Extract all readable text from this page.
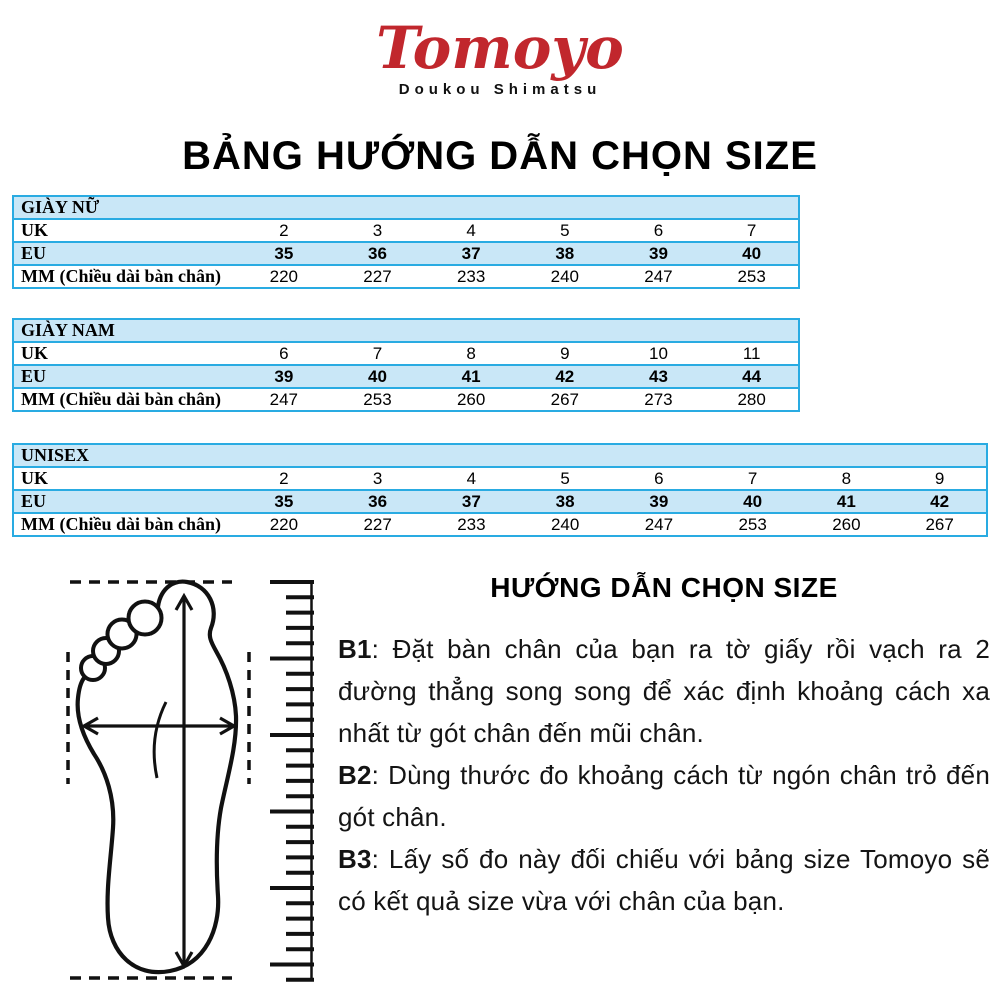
Tomoyo
Doukou Shimatsu
BẢNG HƯỚNG DẪN CHỌN SIZE
GIÀY NỮ						
UK	2	3	4	5	6	7
EU	35	36	37	38	39	40
MM (Chiều dài bàn chân)	220	227	233	240	247	253
GIÀY NAM						
UK	6	7	8	9	10	11
EU	39	40	41	42	43	44
MM (Chiều dài bàn chân)	247	253	260	267	273	280
UNISEX								
UK	2	3	4	5	6	7	8	9
EU	35	36	37	38	39	40	41	42
MM (Chiều dài bàn chân)	220	227	233	240	247	253	260	267
HƯỚNG DẪN CHỌN SIZE

B1: Đặt bàn chân của bạn ra tờ giấy rồi vạch ra 2 đường thẳng song song để xác định khoảng cách xa nhất từ gót chân đến mũi chân.

B2: Dùng thước đo khoảng cách từ ngón chân trỏ đến gót chân.

B3: Lấy số đo này đối chiếu với bảng size Tomoyo sẽ có kết quả size vừa với chân của bạn.
